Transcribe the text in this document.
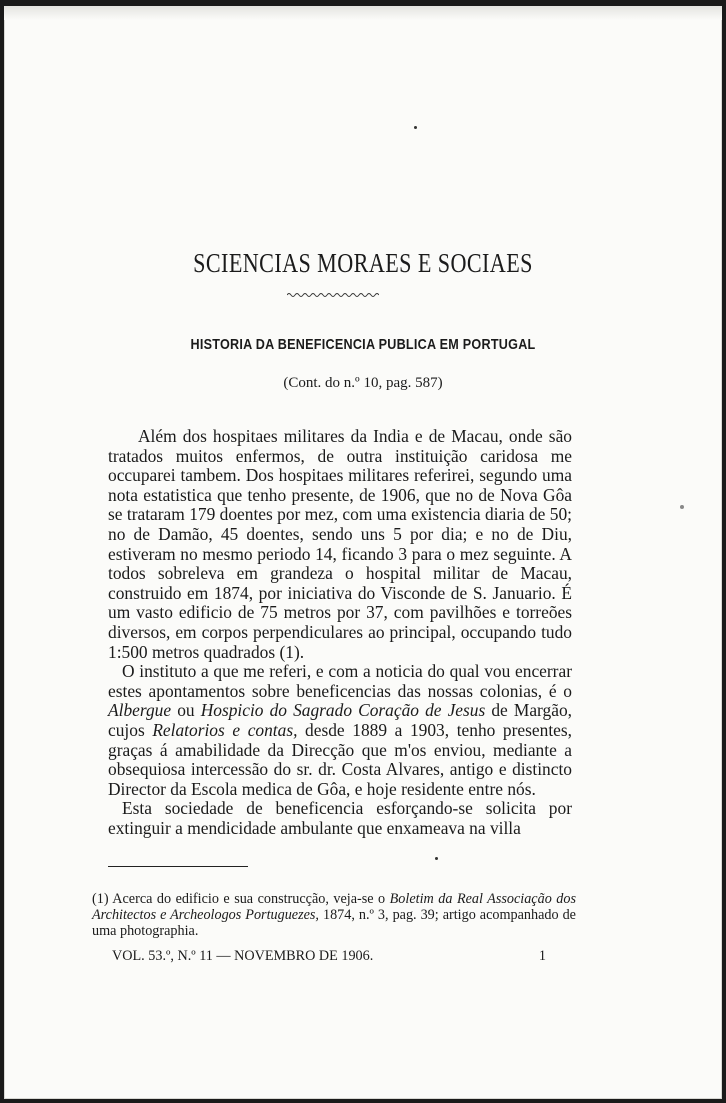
SCIENCIAS MORAES E SOCIAES
HISTORIA DA BENEFICENCIA PUBLICA EM PORTUGAL
(Cont. do n.º 10, pag. 587)

Além dos hospitaes militares da India e de Macau, onde são tratados muitos enfermos, de outra instituição caridosa me occuparei tambem. Dos hospitaes militares referirei, segundo uma nota estatistica que tenho presente, de 1906, que no de Nova Gôa se trataram 179 doentes por mez, com uma existencia diaria de 50; no de Damão, 45 doentes, sendo uns 5 por dia; e no de Diu, estiveram no mesmo periodo 14, ficando 3 para o mez seguinte. A todos sobreleva em grandeza o hospital militar de Macau, construido em 1874, por iniciativa do Visconde de S. Januario. É um vasto edificio de 75 metros por 37, com pavilhões e torreões diversos, em corpos perpendiculares ao principal, occupando tudo 1:500 metros quadrados (1).

O instituto a que me referi, e com a noticia do qual vou encerrar estes apontamentos sobre beneficencias das nossas colonias, é o Albergue ou Hospicio do Sagrado Coração de Jesus de Margão, cujos Relatorios e contas, desde 1889 a 1903, tenho presentes, graças á amabilidade da Direcção que m'os enviou, mediante a obsequiosa intercessão do sr. dr. Costa Alvares, antigo e distincto Director da Escola medica de Gôa, e hoje residente entre nós.

Esta sociedade de beneficencia esforçando-se solicita por extinguir a mendicidade ambulante que enxameava na villa

(1) Acerca do edificio e sua construcção, veja-se o Boletim da Real Associação dos Architectos e Archeologos Portuguezes, 1874, n.º 3, pag. 39; artigo acompanhado de uma photographia.
VOL. 53.º, N.º 11 — NOVEMBRO DE 1906.	1
